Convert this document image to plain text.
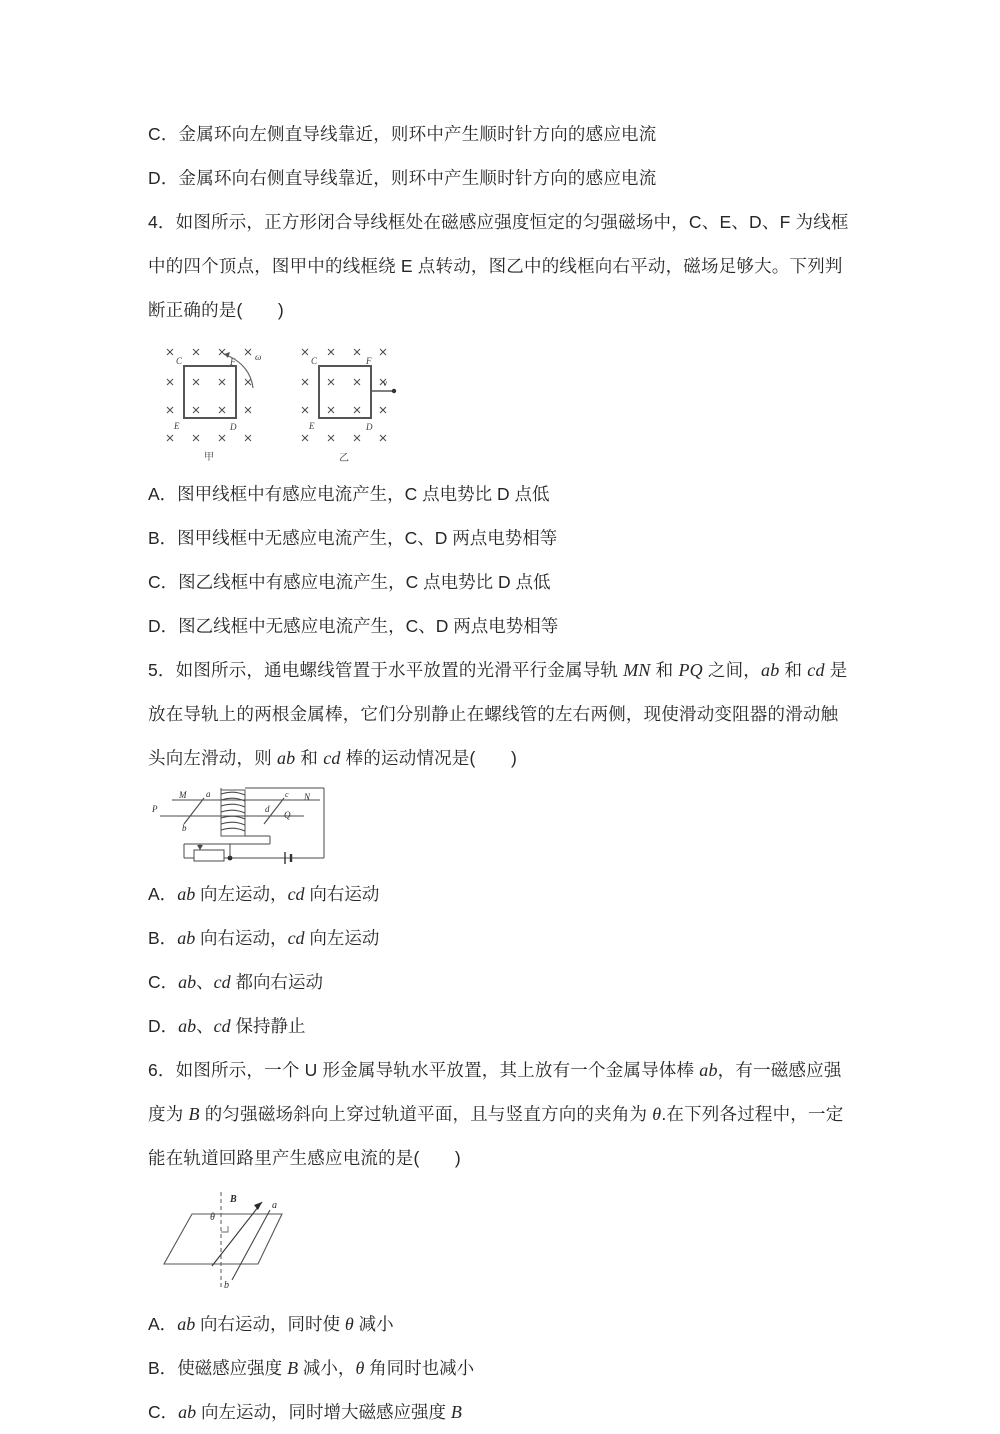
C．金属环向左侧直导线靠近，则环中产生顺时针方向的感应电流
D．金属环向右侧直导线靠近，则环中产生顺时针方向的感应电流
4．如图所示，正方形闭合导线框处在磁感应强度恒定的匀强磁场中，C、E、D、F 为线框
中的四个顶点，图甲中的线框绕 E 点转动，图乙中的线框向右平动，磁场足够大。下列判
断正确的是(　　)
C	F
E	D
ω
甲
C	F
E	D
v
乙
A．图甲线框中有感应电流产生，C 点电势比 D 点低
B．图甲线框中无感应电流产生，C、D 两点电势相等
C．图乙线框中有感应电流产生，C 点电势比 D 点低
D．图乙线框中无感应电流产生，C、D 两点电势相等
5．如图所示，通电螺线管置于水平放置的光滑平行金属导轨 MN 和 PQ 之间，ab 和 cd 是
放在导轨上的两根金属棒，它们分别静止在螺线管的左右两侧，现使滑动变阻器的滑动触
头向左滑动，则 ab 和 cd 棒的运动情况是(　　)
M a
P
b
c N
d
Q
A．ab 向左运动，cd 向右运动
B．ab 向右运动，cd 向左运动
C．ab、cd 都向右运动
D．ab、cd 保持静止
6．如图所示，一个 U 形金属导轨水平放置，其上放有一个金属导体棒 ab，有一磁感应强
度为 B 的匀强磁场斜向上穿过轨道平面，且与竖直方向的夹角为 θ.在下列各过程中，一定
能在轨道回路里产生感应电流的是(　　)
B
θ
a
b
A．ab 向右运动，同时使 θ 减小
B．使磁感应强度 B 减小，θ 角同时也减小
C．ab 向左运动，同时增大磁感应强度 B
